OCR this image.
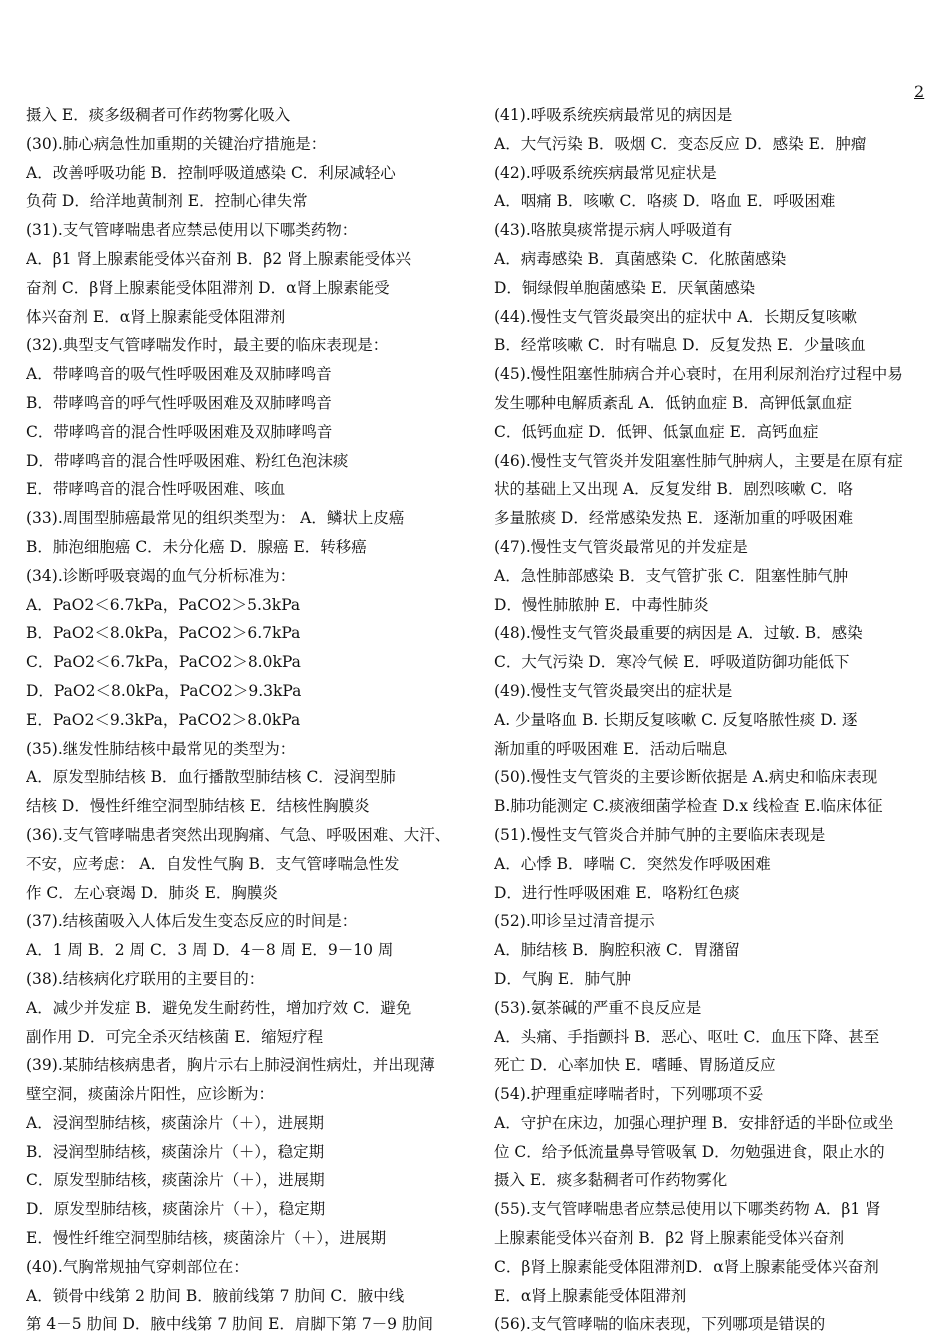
2
摄入 E．痰多级稠者可作药物雾化吸入
(30).肺心病急性加重期的关键治疗措施是：
A．改善呼吸功能 B．控制呼吸道感染 C．利尿减轻心
负荷 D．给洋地黄制剂 E．控制心律失常
(31).支气管哮喘患者应禁忌使用以下哪类药物：
A．β1 肾上腺素能受体兴奋剂 B．β2 肾上腺素能受体兴
奋剂 C．β肾上腺素能受体阻滞剂 D．α肾上腺素能受
体兴奋剂 E．α肾上腺素能受体阻滞剂
(32).典型支气管哮喘发作时，最主要的临床表现是：
A．带哮鸣音的吸气性呼吸困难及双肺哮鸣音
B．带哮鸣音的呼气性呼吸困难及双肺哮鸣音
C．带哮鸣音的混合性呼吸困难及双肺哮鸣音
D．带哮鸣音的混合性呼吸困难、粉红色泡沫痰
E．带哮鸣音的混合性呼吸困难、咳血
(33).周围型肺癌最常见的组织类型为： A．鳞状上皮癌
B．肺泡细胞癌 C．未分化癌 D．腺癌 E．转移癌
(34).诊断呼吸衰竭的血气分析标准为：
A．PaO2＜6.7kPa，PaCO2＞5.3kPa
B．PaO2＜8.0kPa，PaCO2＞6.7kPa
C．PaO2＜6.7kPa，PaCO2＞8.0kPa
D．PaO2＜8.0kPa，PaCO2＞9.3kPa
E．PaO2＜9.3kPa，PaCO2＞8.0kPa
(35).继发性肺结核中最常见的类型为：
A．原发型肺结核 B．血行播散型肺结核 C．浸润型肺
结核 D．慢性纤维空洞型肺结核 E．结核性胸膜炎
(36).支气管哮喘患者突然出现胸痛、气急、呼吸困难、大汗、
不安，应考虑： A．自发性气胸 B．支气管哮喘急性发
作 C．左心衰竭 D．肺炎 E．胸膜炎
(37).结核菌吸入人体后发生变态反应的时间是：
A．1 周 B．2 周 C．3 周 D．4－8 周 E．9－10 周
(38).结核病化疗联用的主要目的：
A．减少并发症 B．避免发生耐药性，增加疗效 C．避免
副作用 D．可完全杀灭结核菌 E．缩短疗程
(39).某肺结核病患者，胸片示右上肺浸润性病灶，并出现薄
壁空洞，痰菌涂片阳性，应诊断为：
A．浸润型肺结核，痰菌涂片（＋），进展期
B．浸润型肺结核，痰菌涂片（＋），稳定期
C．原发型肺结核，痰菌涂片（＋），进展期
D．原发型肺结核，痰菌涂片（＋），稳定期
E．慢性纤维空洞型肺结核，痰菌涂片（＋），进展期
(40).气胸常规抽气穿刺部位在：
A．锁骨中线第 2 肋间 B．腋前线第 7 肋间 C．腋中线
第 4－5 肋间 D．腋中线第 7 肋间 E．肩脚下第 7－9 肋间
(41).呼吸系统疾病最常见的病因是
A．大气污染 B．吸烟 C．变态反应 D．感染 E．肿瘤
(42).呼吸系统疾病最常见症状是
A．咽痛 B．咳嗽 C．咯痰 D．咯血 E．呼吸困难
(43).咯脓臭痰常提示病人呼吸道有
A．病毒感染 B．真菌感染 C．化脓菌感染
D．铜绿假单胞菌感染 E．厌氧菌感染
(44).慢性支气管炎最突出的症状中 A．长期反复咳嗽
B．经常咳嗽 C．时有喘息 D．反复发热 E．少量咳血
(45).慢性阻塞性肺病合并心衰时，在用利尿剂治疗过程中易
发生哪种电解质紊乱 A．低钠血症 B．高钾低氯血症
C．低钙血症 D．低钾、低氯血症 E．高钙血症
(46).慢性支气管炎并发阻塞性肺气肿病人，主要是在原有症
状的基础上又出现 A．反复发绀 B．剧烈咳嗽 C．咯
多量脓痰 D．经常感染发热 E．逐渐加重的呼吸困难
(47).慢性支气管炎最常见的并发症是
A．急性肺部感染 B．支气管扩张 C．阻塞性肺气肿
D．慢性肺脓肿 E．中毒性肺炎
(48).慢性支气管炎最重要的病因是 A．过敏. B．感染
C．大气污染 D．寒冷气候 E．呼吸道防御功能低下
(49).慢性支气管炎最突出的症状是
A. 少量咯血 B. 长期反复咳嗽 C. 反复咯脓性痰 D. 逐
渐加重的呼吸困难 E．活动后喘息
(50).慢性支气管炎的主要诊断依据是 A.病史和临床表现
B.肺功能测定 C.痰液细菌学检查 D.x 线检查 E.临床体征
(51).慢性支气管炎合并肺气肿的主要临床表现是
A．心悸 B．哮喘 C．突然发作呼吸困难
D．进行性呼吸困难 E．咯粉红色痰
(52).叩诊呈过清音提示
A．肺结核 B．胸腔积液 C．胃潴留
D．气胸 E．肺气肿
(53).氨茶碱的严重不良反应是
A．头痛、手指颤抖 B．恶心、呕吐 C．血压下降、甚至
死亡 D．心率加快 E．嗜睡、胃肠道反应
(54).护理重症哮喘者时，下列哪项不妥
A．守护在床边，加强心理护理 B．安排舒适的半卧位或坐
位 C．给予低流量鼻导管吸氧 D．勿勉强进食，限止水的
摄入 E．痰多黏稠者可作药物雾化
(55).支气管哮喘患者应禁忌使用以下哪类药物 A．β1 肾
上腺素能受体兴奋剂 B．β2 肾上腺素能受体兴奋剂
C．β肾上腺素能受体阻滞剂D．α肾上腺素能受体兴奋剂
E．α肾上腺素能受体阻滞剂
(56).支气管哮喘的临床表现，下列哪项是错误的
